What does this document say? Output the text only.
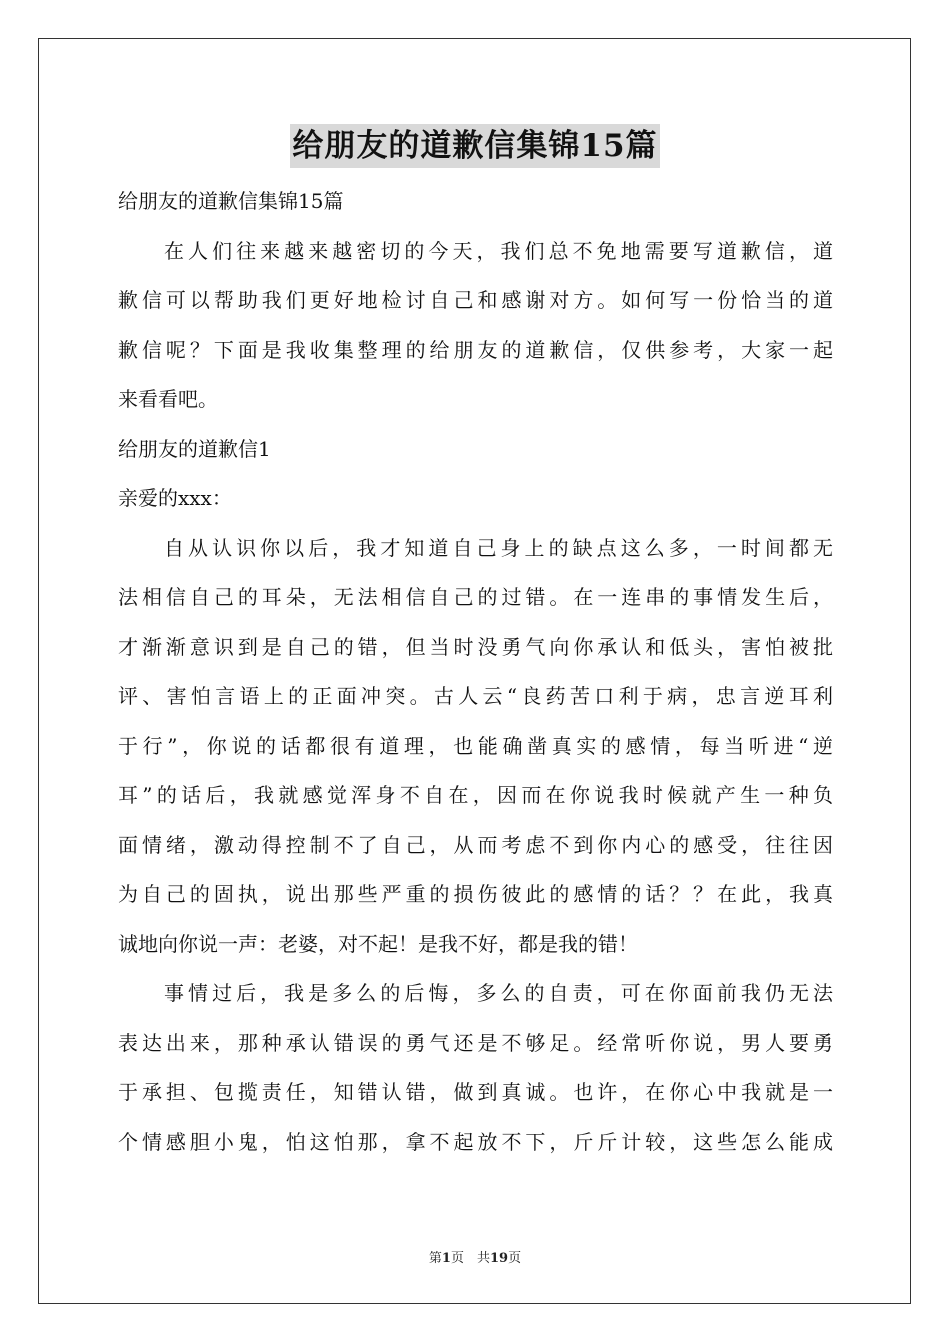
给朋友的道歉信集锦15篇
给朋友的道歉信集锦15篇
在人们往来越来越密切的今天，我们总不免地需要写道歉信，道
歉信可以帮助我们更好地检讨自己和感谢对方。如何写一份恰当的道
歉信呢？下面是我收集整理的给朋友的道歉信，仅供参考，大家一起
来看看吧。
给朋友的道歉信1
亲爱的xxx：
自从认识你以后，我才知道自己身上的缺点这么多，一时间都无
法相信自己的耳朵，无法相信自己的过错。在一连串的事情发生后，
才渐渐意识到是自己的错，但当时没勇气向你承认和低头，害怕被批
评、害怕言语上的正面冲突。古人云“良药苦口利于病，忠言逆耳利
于行”，你说的话都很有道理，也能确凿真实的感情，每当听进“逆
耳”的话后，我就感觉浑身不自在，因而在你说我时候就产生一种负
面情绪，激动得控制不了自己，从而考虑不到你内心的感受，往往因
为自己的固执，说出那些严重的损伤彼此的感情的话？？在此，我真
诚地向你说一声：老婆，对不起！是我不好，都是我的错！
事情过后，我是多么的后悔，多么的自责，可在你面前我仍无法
表达出来，那种承认错误的勇气还是不够足。经常听你说，男人要勇
于承担、包揽责任，知错认错，做到真诚。也许，在你心中我就是一
个情感胆小鬼，怕这怕那，拿不起放不下，斤斤计较，这些怎么能成
第1页　共19页
